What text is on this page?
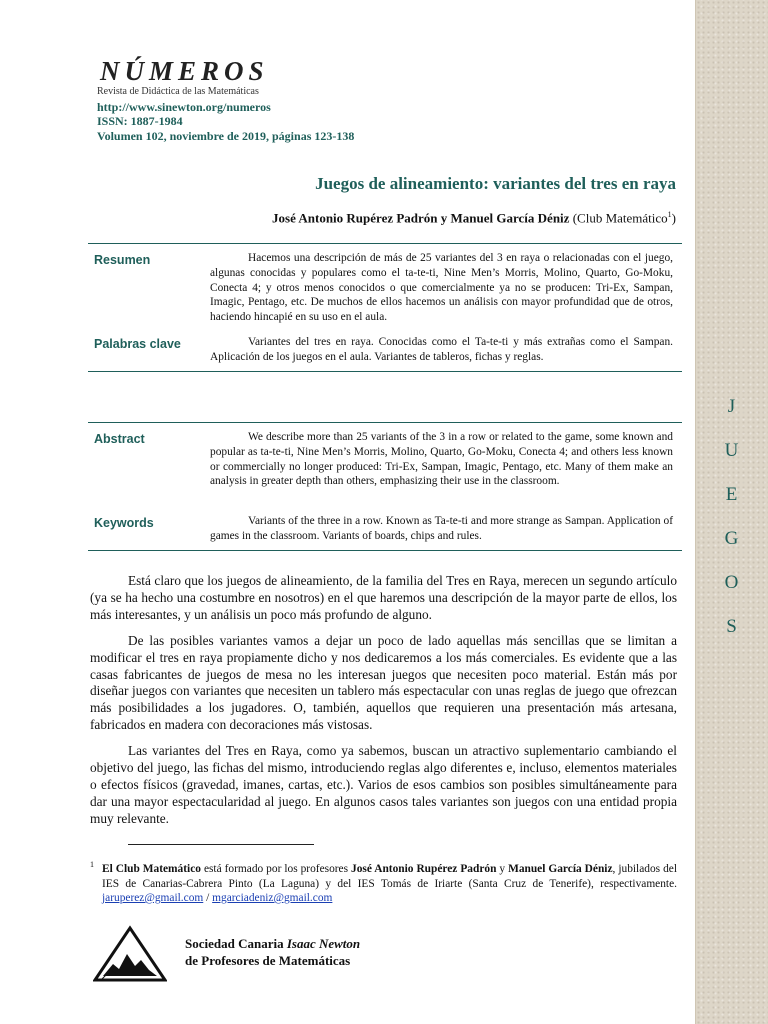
J
U
E
G
O
S
NÚMEROS
Revista de Didáctica de las Matemáticas
http://www.sinewton.org/numeros
ISSN: 1887-1984
Volumen 102, noviembre de 2019, páginas 123-138
Juegos de alineamiento: variantes del tres en raya
José Antonio Rupérez Padrón y Manuel García Déniz (Club Matemático$^1$)
Resumen	Hacemos una descripción de más de 25 variantes del 3 en raya o relacionadas con el juego, algunas conocidas y populares como el ta-te-ti, Nine Men’s Morris, Molino, Quarto, Go-Moku, Conecta 4; y otros menos conocidos o que comercialmente ya no se producen: Tri-Ex, Sampan, Imagic, Pentago, etc. De muchos de ellos hacemos un análisis con mayor profundidad que de otros, haciendo hincapié en su uso en el aula.
Palabras clave	Variantes del tres en raya. Conocidas como el Ta-te-ti y más extrañas como el Sampan. Aplicación de los juegos en el aula. Variantes de tableros, fichas y reglas.
Abstract	We describe more than 25 variants of the 3 in a row or related to the game, some known and popular as ta-te-ti, Nine Men’s Morris, Molino, Quarto, Go-Moku, Conecta 4; and others less known or commercially no longer produced: Tri-Ex, Sampan, Imagic, Pentago, etc. Many of them make an analysis in greater depth than others, emphasizing their use in the classroom.
Keywords	Variants of the three in a row. Known as Ta-te-ti and more strange as Sampan. Application of games in the classroom. Variants of boards, chips and rules.

Está claro que los juegos de alineamiento, de la familia del Tres en Raya, merecen un segundo artículo (ya se ha hecho una costumbre en nosotros) en el que haremos una descripción de la mayor parte de ellos, los más interesantes, y un análisis un poco más profundo de alguno.

De las posibles variantes vamos a dejar un poco de lado aquellas más sencillas que se limitan a modificar el tres en raya propiamente dicho y nos dedicaremos a los más comerciales. Es evidente que a las casas fabricantes de juegos de mesa no les interesan juegos que necesiten poco material. Están más por diseñar juegos con variantes que necesiten un tablero más espectacular con unas reglas de juego que ofrezcan más posibilidades a los jugadores. O, también, aquellos que requieren una presentación más artesana, fabricados en madera con decoraciones más vistosas.

Las variantes del Tres en Raya, como ya sabemos, buscan un atractivo suplementario cambiando el objetivo del juego, las fichas del mismo, introduciendo reglas algo diferentes e, incluso, elementos materiales o efectos físicos (gravedad, imanes, cartas, etc.). Varios de esos cambios son posibles simultáneamente para dar una mayor espectacularidad al juego. En algunos casos tales variantes son juegos con una entidad propia muy relevante.

1 El Club Matemático está formado por los profesores José Antonio Rupérez Padrón y Manuel García Déniz, jubilados del IES de Canarias-Cabrera Pinto (La Laguna) y del IES Tomás de Iriarte (Santa Cruz de Tenerife), respectivamente. jaruperez@gmail.com / mgarciadeniz@gmail.com
Sociedad Canaria Isaac Newton
de Profesores de Matemáticas
